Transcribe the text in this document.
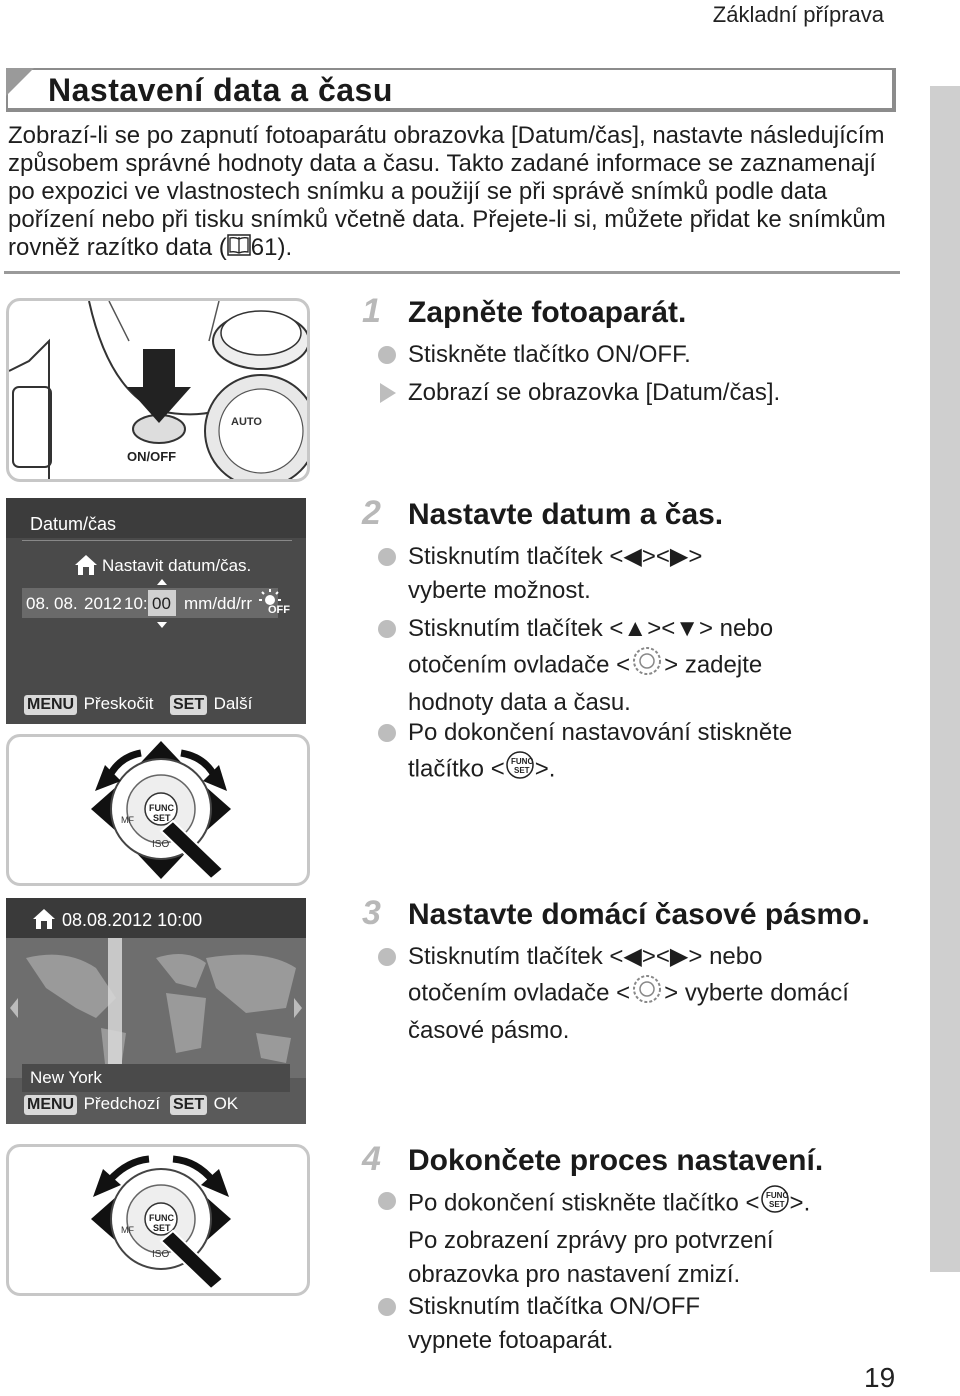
Základní příprava
Nastavení data a času
Zobrazí-li se po zapnutí fotoaparátu obrazovka [Datum/čas], nastavte následujícím způsobem správné hodnoty data a času. Takto zadané informace se zaznamenají po expozici ve vlastnostech snímku a použijí se při správě snímků podle data pořízení nebo při tisku snímků včetně data. Přejete-li si, můžete přidat ke snímkům rovněž razítko data ( 61).
AUTO
ON/OFF
1 Zapněte fotoaparát.
Stiskněte tlačítko ON/OFF.
Zobrazí se obrazovka [Datum/čas].
Datum/čas
Nastavit datum/čas.
08. 08. 2012 10: 00 mm/dd/rr OFF
MENU Přeskočit SET Další
FUNC
SET
ISO
MF
2 Nastavte datum a čas.
Stisknutím tlačítek <◀><▶>
vyberte možnost.
Stisknutím tlačítek <▲><▼> nebo
otočením ovladače < > zadejte
hodnoty data a času.
Po dokončení nastavování stiskněte
tlačítko < FUNC
SET >.
08.08.2012 10:00
New York
MENU Předchozí SET OK
3 Nastavte domácí časové pásmo.
Stisknutím tlačítek <◀><▶> nebo
otočením ovladače < > vyberte domácí
časové pásmo.
FUNC
SET
ISO
MF
4 Dokončete proces nastavení.
Po dokončení stiskněte tlačítko < FUNC
SET >.
Po zobrazení zprávy pro potvrzení
obrazovka pro nastavení zmizí.
Stisknutím tlačítka ON/OFF
vypnete fotoaparát.
19
